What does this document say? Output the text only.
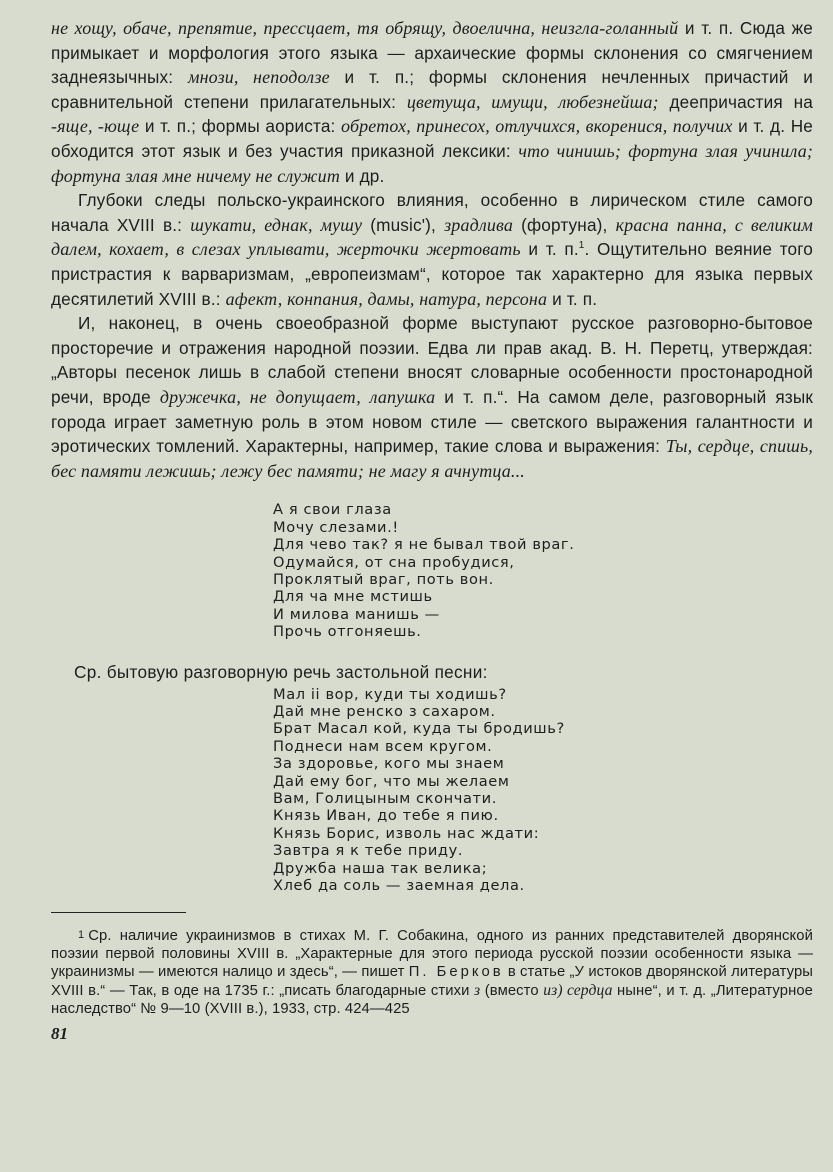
не хощу, обаче, препятие, прессцает, тя обрящу, двоелична, неизгла-голанный и т. п. Сюда же примыкает и морфология этого языка — архаические формы склонения со смягчением заднеязычных: мнози, неподолзе и т. п.; формы склонения нечленных причастий и сравнительной степени прилагательных: цветуща, имущи, любезнейша; деепричастия на -яще, -юще и т. п.; формы аориста: обретох, принесох, отлучихся, вкоренися, получих и т. д. Не обходится этот язык и без участия приказной лексики: что чинишь; фортуна злая учинила; фортуна злая мне ничему не служит и др.

Глубоки следы польско-украинского влияния, особенно в лирическом стиле самого начала XVIII в.: шукати, еднак, мушу (music'), зрадлива (фортуна), красна панна, с великим далем, кохает, в слезах уплывати, жерточки жертовать и т. п.$^1$. Ощутительно веяние того пристрастия к варваризмам, „европеизмам“, которое так характерно для языка первых десятилетий XVIII в.: афект, конпания, дамы, натура, персона и т. п.

И, наконец, в очень своеобразной форме выступают русское разговорно-бытовое просторечие и отражения народной поэзии. Едва ли прав акад. В. Н. Перетц, утверждая: „Авторы песенок лишь в слабой степени вносят словарные особенности простонародной речи, вроде дружечка, не допущает, лапушка и т. п.“. На самом деле, разговорный язык города играет заметную роль в этом новом стиле — светского выражения галантности и эротических томлений. Характерны, например, такие слова и выражения: Ты, сердце, спишь, бес памяти лежишь; лежу бес памяти; не магу я ачнутца...

А я свои глаза
Мочу слезами.!
Для чево так? я не бывал твой враг.
Одумайся, от сна пробудися,
Проклятый враг, поть вон.
Для ча мне мстишь
И милова манишь —
Прочь отгоняешь.
Ср. бытовую разговорную речь застольной песни:
Мал ii вор, куди ты ходишь?
Дай мне ренско з сахаром.
Брат Масал кой, куда ты бродишь?
Поднеси нам всем кругом.
За здоровье, кого мы знаем
Дай ему бог, что мы желаем
Вам, Голицыным скончати.
Князь Иван, до тебе я пию.
Князь Борис, изволь нас ждати:
Завтра я к тебе приду.
Дружба наша так велика;
Хлеб да соль — заемная дела.
1 Ср. наличие украинизмов в стихах М. Г. Собакина, одного из ранних представителей дворянской поэзии первой половины XVIII в. „Характерные для этого периода русской поэзии особенности языка — украинизмы — имеются налицо и здесь“, — пишет П. Берков в статье „У истоков дворянской литературы XVIII в.“ — Так, в оде на 1735 г.: „писать благодарные стихи з (вместо из) сердца ныне“, и т. д. „Литературное наследство“ № 9—10 (XVIII в.), 1933, стр. 424—425
81
